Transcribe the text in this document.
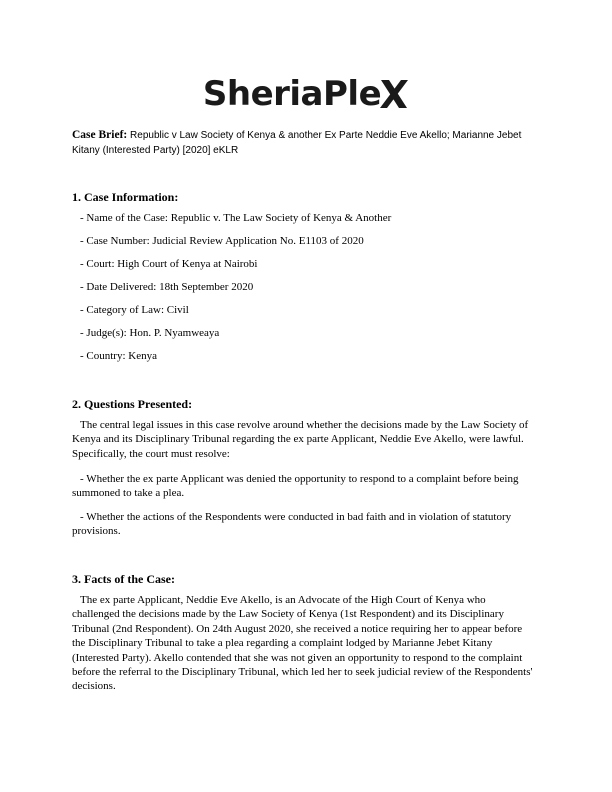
SheriaPle
Case Brief: Republic v Law Society of Kenya & another Ex Parte Neddie Eve Akello; Marianne Jebet Kitany (Interested Party) [2020] eKLR
1. Case Information:
- Name of the Case: Republic v. The Law Society of Kenya & Another
- Case Number: Judicial Review Application No. E1103 of 2020
- Court: High Court of Kenya at Nairobi
- Date Delivered: 18th September 2020
- Category of Law: Civil
- Judge(s): Hon. P. Nyamweaya
- Country: Kenya
2. Questions Presented:
The central legal issues in this case revolve around whether the decisions made by the Law Society of Kenya and its Disciplinary Tribunal regarding the ex parte Applicant, Neddie Eve Akello, were lawful. Specifically, the court must resolve:
- Whether the ex parte Applicant was denied the opportunity to respond to a complaint before being summoned to take a plea.
- Whether the actions of the Respondents were conducted in bad faith and in violation of statutory provisions.
3. Facts of the Case:
The ex parte Applicant, Neddie Eve Akello, is an Advocate of the High Court of Kenya who challenged the decisions made by the Law Society of Kenya (1st Respondent) and its Disciplinary Tribunal (2nd Respondent). On 24th August 2020, she received a notice requiring her to appear before the Disciplinary Tribunal to take a plea regarding a complaint lodged by Marianne Jebet Kitany (Interested Party). Akello contended that she was not given an opportunity to respond to the complaint before the referral to the Disciplinary Tribunal, which led her to seek judicial review of the Respondents' decisions.
